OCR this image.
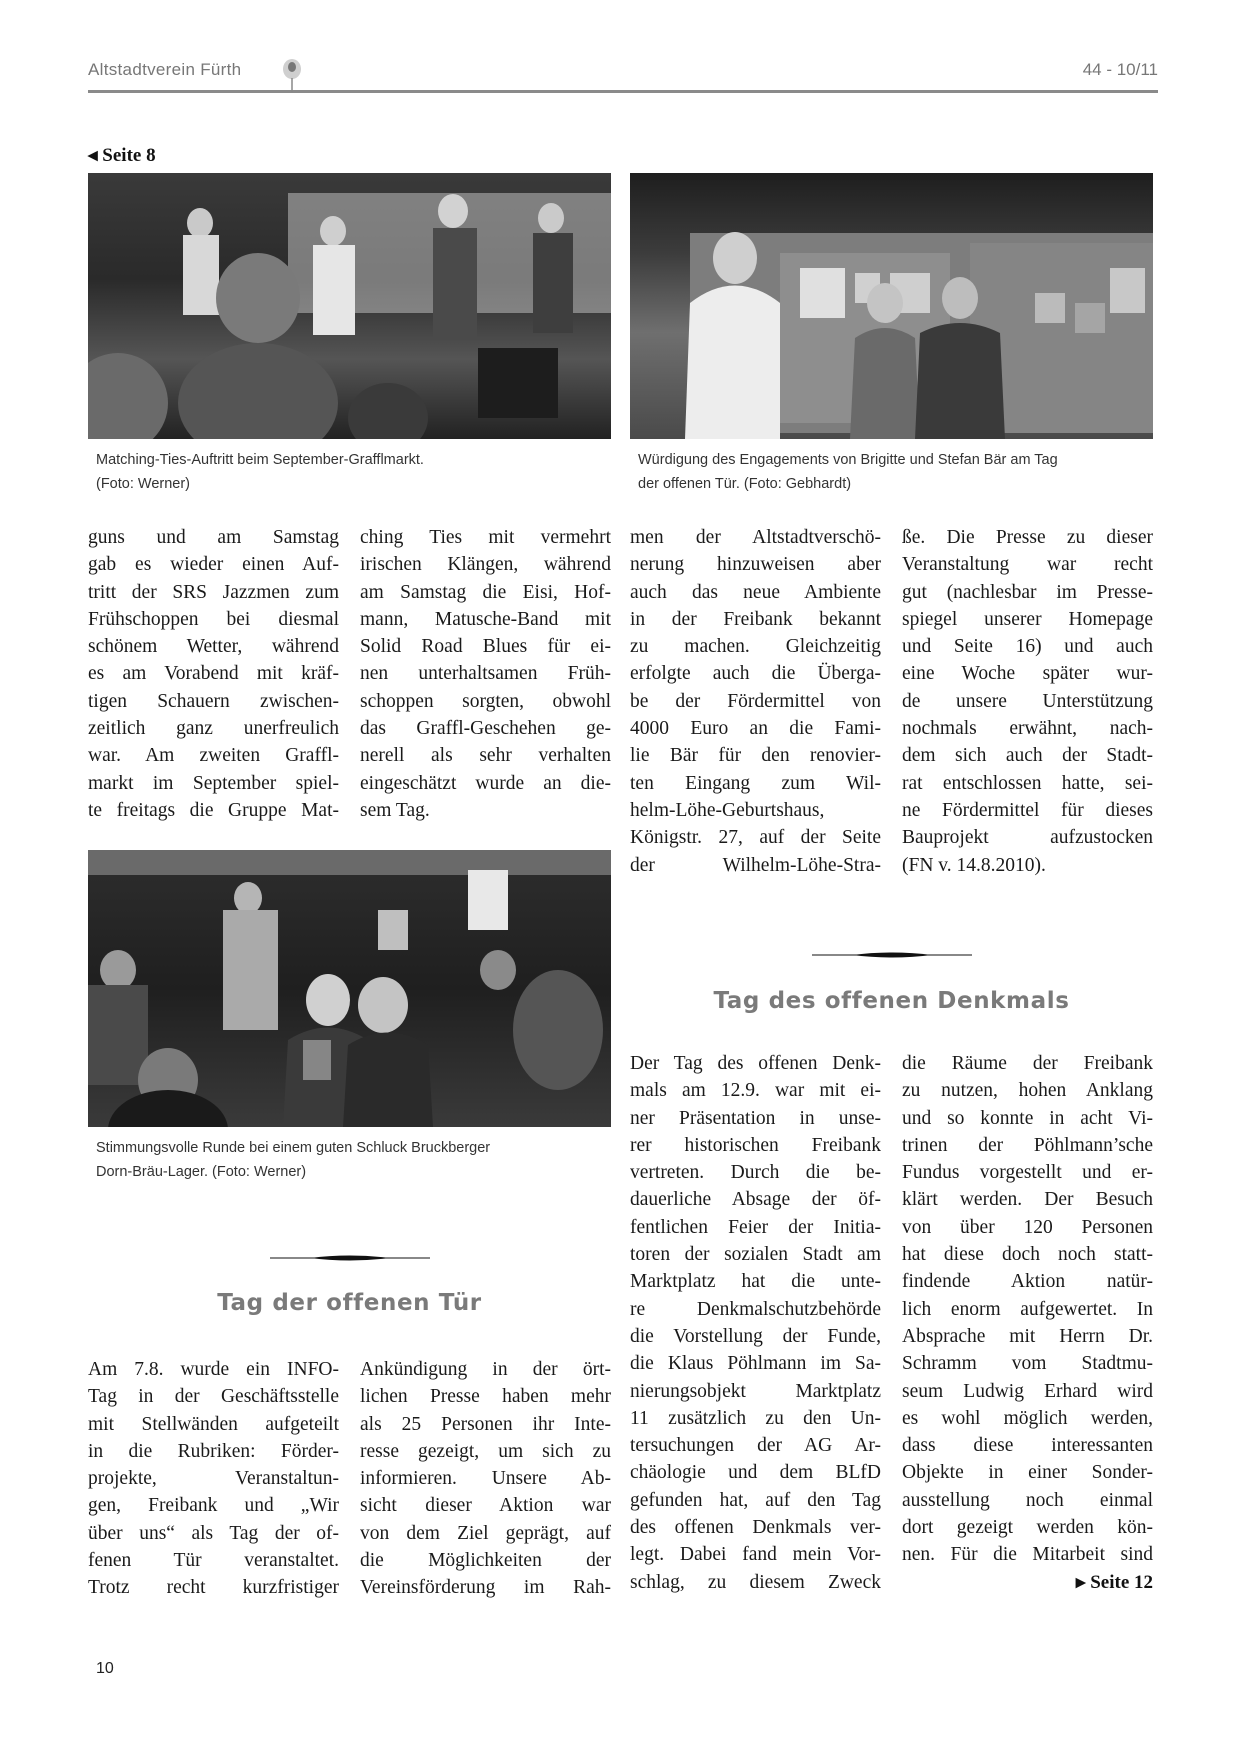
Altstadtverein Fürth	44 - 10/11
◂ Seite 8
Matching-Ties-Auftritt beim September-Grafflmarkt.
(Foto: Werner)
Würdigung des Engagements von Brigitte und Stefan Bär am Tag
der offenen Tür. (Foto: Gebhardt)
guns und am Samstag
gab es wieder einen Auf-
tritt der SRS Jazzmen zum
Frühschoppen bei diesmal
schönem Wetter, während
es am Vorabend mit kräf-
tigen Schauern zwischen-
zeitlich ganz unerfreulich
war. Am zweiten Graffl-
markt im September spiel-
te freitags die Gruppe Mat-
ching Ties mit vermehrt
irischen Klängen, während
am Samstag die Eisi, Hof-
mann, Matusche-Band mit
Solid Road Blues für ei-
nen unterhaltsamen Früh-
schoppen sorgten, obwohl
das Graffl-Geschehen ge-
nerell als sehr verhalten
eingeschätzt wurde an die-
sem Tag.
men der Altstadtverschö-
nerung hinzuweisen aber
auch das neue Ambiente
in der Freibank bekannt
zu machen. Gleichzeitig
erfolgte auch die Überga-
be der Fördermittel von
4000 Euro an die Fami-
lie Bär für den renovier-
ten Eingang zum Wil-
helm-Löhe-Geburtshaus,
Königstr. 27, auf der Seite
der Wilhelm-Löhe-Stra-
ße. Die Presse zu dieser
Veranstaltung war recht
gut (nachlesbar im Presse-
spiegel unserer Homepage
und Seite 16) und auch
eine Woche später wur-
de unsere Unterstützung
nochmals erwähnt, nach-
dem sich auch der Stadt-
rat entschlossen hatte, sei-
ne Fördermittel für dieses
Bauprojekt aufzustocken
(FN v. 14.8.2010).
Stimmungsvolle Runde bei einem guten Schluck Bruckberger
Dorn-Bräu-Lager. (Foto: Werner)
Tag der offenen Tür
Am 7.8. wurde ein INFO-
Tag in der Geschäftsstelle
mit Stellwänden aufgeteilt
in die Rubriken: Förder-
projekte, Veranstaltun-
gen, Freibank und „Wir
über uns“ als Tag der of-
fenen Tür veranstaltet.
Trotz recht kurzfristiger
Ankündigung in der ört-
lichen Presse haben mehr
als 25 Personen ihr Inte-
resse gezeigt, um sich zu
informieren. Unsere Ab-
sicht dieser Aktion war
von dem Ziel geprägt, auf
die Möglichkeiten der
Vereinsförderung im Rah-
Tag des offenen Denkmals
Der Tag des offenen Denk-
mals am 12.9. war mit ei-
ner Präsentation in unse-
rer historischen Freibank
vertreten. Durch die be-
dauerliche Absage der öf-
fentlichen Feier der Initia-
toren der sozialen Stadt am
Marktplatz hat die unte-
re Denkmalschutzbehörde
die Vorstellung der Funde,
die Klaus Pöhlmann im Sa-
nierungsobjekt Marktplatz
11 zusätzlich zu den Un-
tersuchungen der AG Ar-
chäologie und dem BLfD
gefunden hat, auf den Tag
des offenen Denkmals ver-
legt. Dabei fand mein Vor-
schlag, zu diesem Zweck
die Räume der Freibank
zu nutzen, hohen Anklang
und so konnte in acht Vi-
trinen der Pöhlmann’sche
Fundus vorgestellt und er-
klärt werden. Der Besuch
von über 120 Personen
hat diese doch noch statt-
findende Aktion natür-
lich enorm aufgewertet. In
Absprache mit Herrn Dr.
Schramm vom Stadtmu-
seum Ludwig Erhard wird
es wohl möglich werden,
dass diese interessanten
Objekte in einer Sonder-
ausstellung noch einmal
dort gezeigt werden kön-
nen. Für die Mitarbeit sind
▸ Seite 12
10
